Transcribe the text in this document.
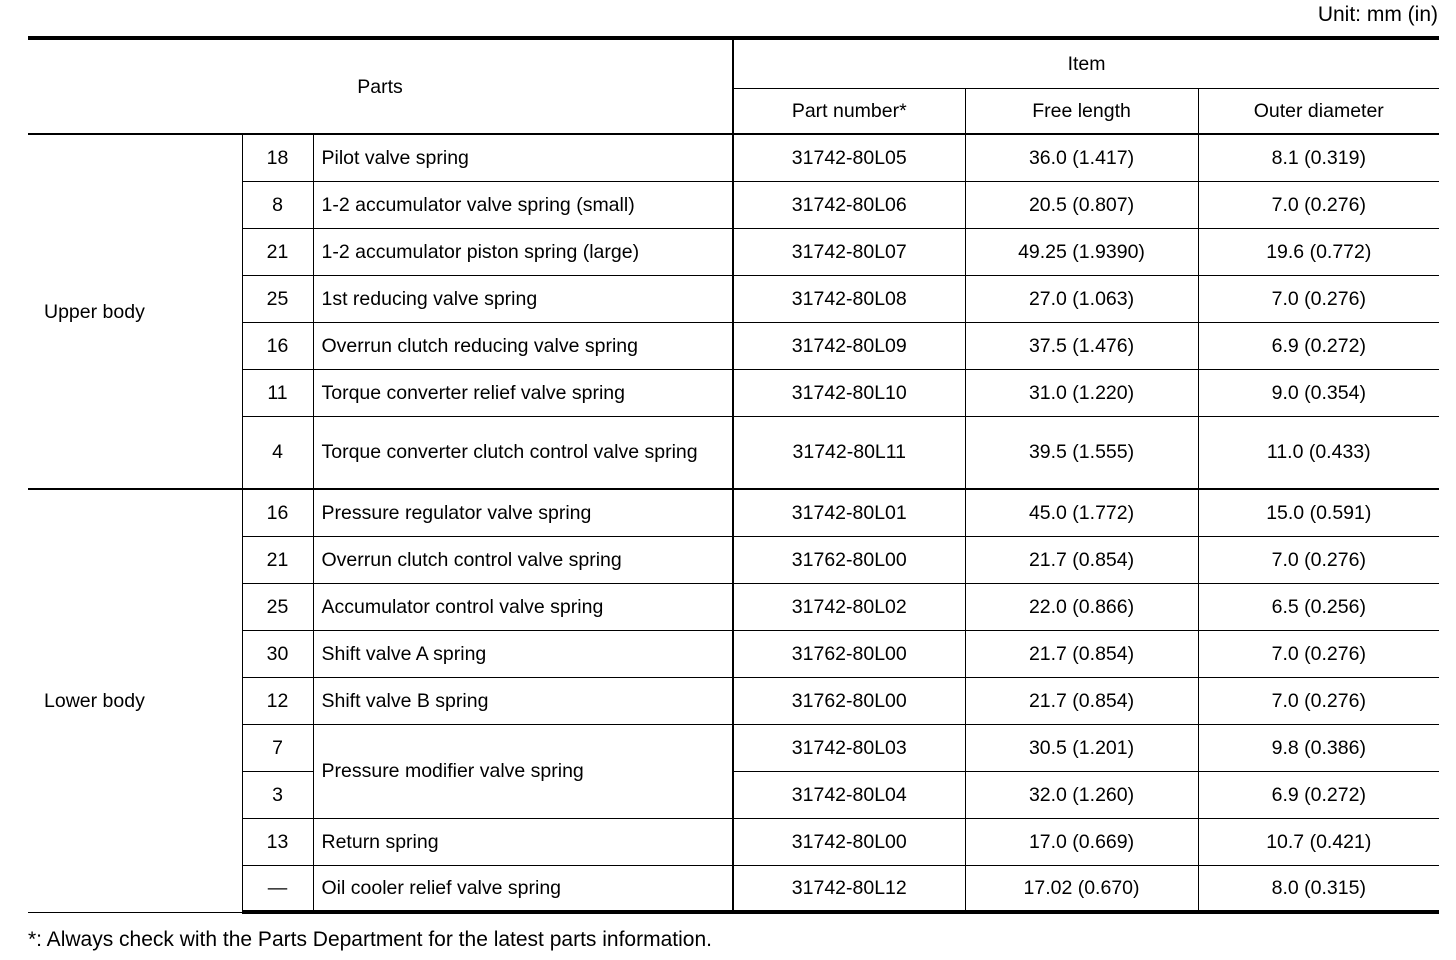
Unit: mm (in)
Parts			Item		
			Part number*	Free length	Outer diameter
Upper body	18	Pilot valve spring	31742-80L05	36.0 (1.417)	8.1 (0.319)
	8	1-2 accumulator valve spring (small)	31742-80L06	20.5 (0.807)	7.0 (0.276)
	21	1-2 accumulator piston spring (large)	31742-80L07	49.25 (1.9390)	19.6 (0.772)
	25	1st reducing valve spring	31742-80L08	27.0 (1.063)	7.0 (0.276)
	16	Overrun clutch reducing valve spring	31742-80L09	37.5 (1.476)	6.9 (0.272)
	11	Torque converter relief valve spring	31742-80L10	31.0 (1.220)	9.0 (0.354)
	4	Torque converter clutch control valve spring	31742-80L11	39.5 (1.555)	11.0 (0.433)
Lower body	16	Pressure regulator valve spring	31742-80L01	45.0 (1.772)	15.0 (0.591)
	21	Overrun clutch control valve spring	31762-80L00	21.7 (0.854)	7.0 (0.276)
	25	Accumulator control valve spring	31742-80L02	22.0 (0.866)	6.5 (0.256)
	30	Shift valve A spring	31762-80L00	21.7 (0.854)	7.0 (0.276)
	12	Shift valve B spring	31762-80L00	21.7 (0.854)	7.0 (0.276)
	7	Pressure modifier valve spring	31742-80L03	30.5 (1.201)	9.8 (0.386)
	3		31742-80L04	32.0 (1.260)	6.9 (0.272)
	13	Return spring	31742-80L00	17.0 (0.669)	10.7 (0.421)
	—	Oil cooler relief valve spring	31742-80L12	17.02 (0.670)	8.0 (0.315)
*: Always check with the Parts Department for the latest parts information.
